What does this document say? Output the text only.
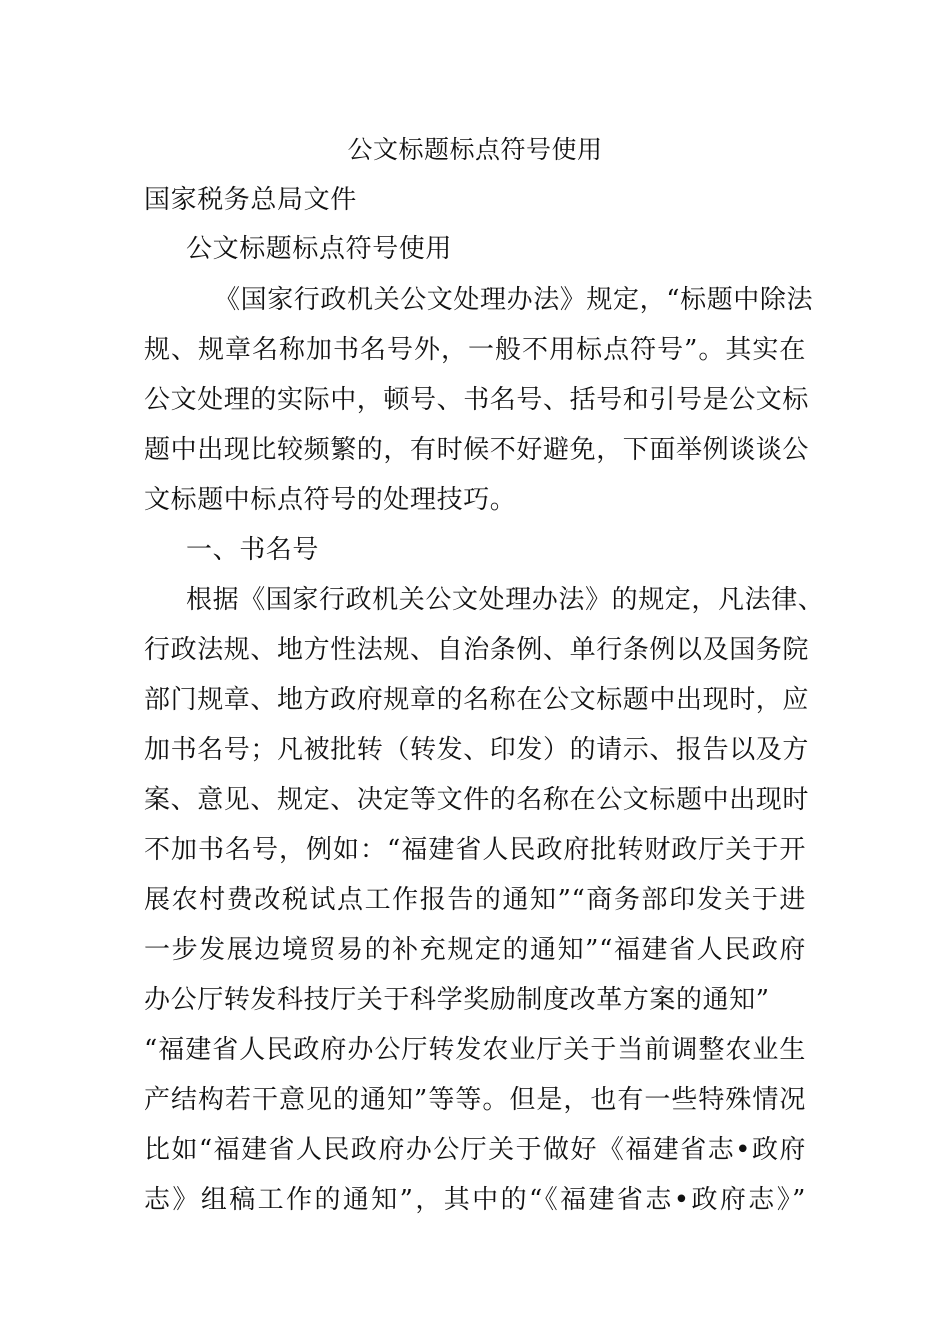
公文标题标点符号使用
国家税务总局文件
公文标题标点符号使用
《国家行政机关公文处理办法》规定，“标题中除法
规、规章名称加书名号外，一般不用标点符号”。其实在
公文处理的实际中，顿号、书名号、括号和引号是公文标
题中出现比较频繁的，有时候不好避免，下面举例谈谈公
文标题中标点符号的处理技巧。
一、书名号
根据《国家行政机关公文处理办法》的规定，凡法律、
行政法规、地方性法规、自治条例、单行条例以及国务院
部门规章、地方政府规章的名称在公文标题中出现时，应
加书名号；凡被批转（转发、印发）的请示、报告以及方
案、意见、规定、决定等文件的名称在公文标题中出现时
不加书名号，例如：“福建省人民政府批转财政厅关于开
展农村费改税试点工作报告的通知”“商务部印发关于进
一步发展边境贸易的补充规定的通知”“福建省人民政府
办公厅转发科技厅关于科学奖励制度改革方案的通知”
“福建省人民政府办公厅转发农业厅关于当前调整农业生
产结构若干意见的通知”等等。但是，也有一些特殊情况
比如“福建省人民政府办公厅关于做好《福建省志•政府
志》组稿工作的通知”，其中的“《福建省志•政府志》”
